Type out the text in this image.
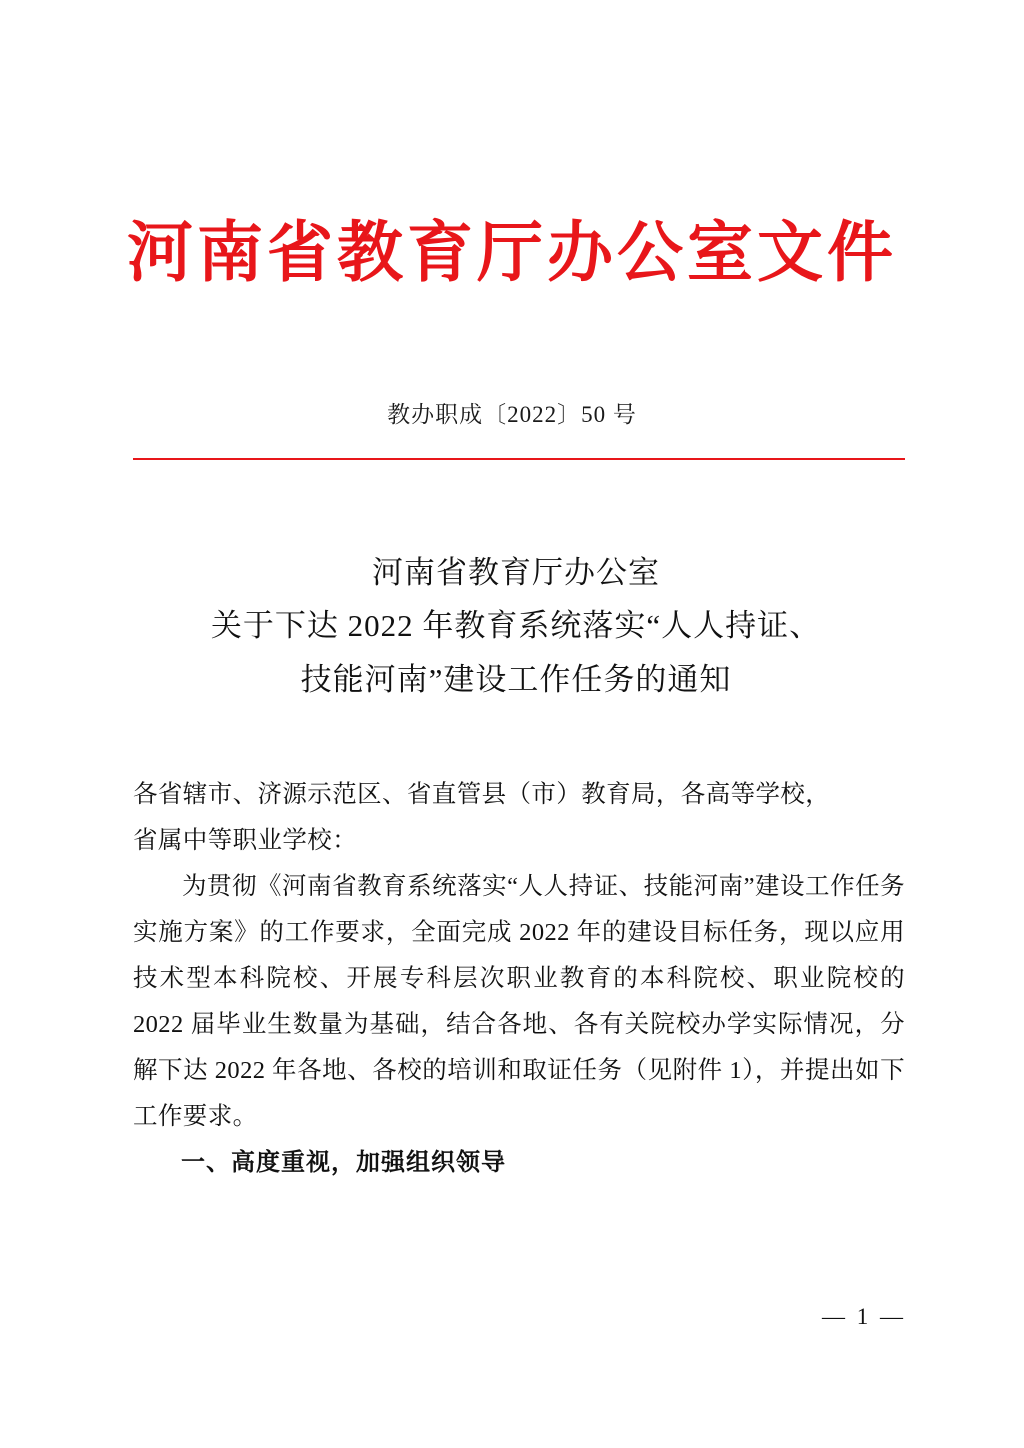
河南省教育厅办公室文件
教办职成〔2022〕50 号
河南省教育厅办公室
关于下达 2022 年教育系统落实“人人持证、
技能河南”建设工作任务的通知

各省辖市、济源示范区、省直管县（市）教育局，各高等学校，

省属中等职业学校：

为贯彻《河南省教育系统落实“人人持证、技能河南”建设工作任务实施方案》的工作要求，全面完成 2022 年的建设目标任务，现以应用技术型本科院校、开展专科层次职业教育的本科院校、职业院校的 2022 届毕业生数量为基础，结合各地、各有关院校办学实际情况，分解下达 2022 年各地、各校的培训和取证任务（见附件 1），并提出如下工作要求。

一、高度重视，加强组织领导

— 1 —
